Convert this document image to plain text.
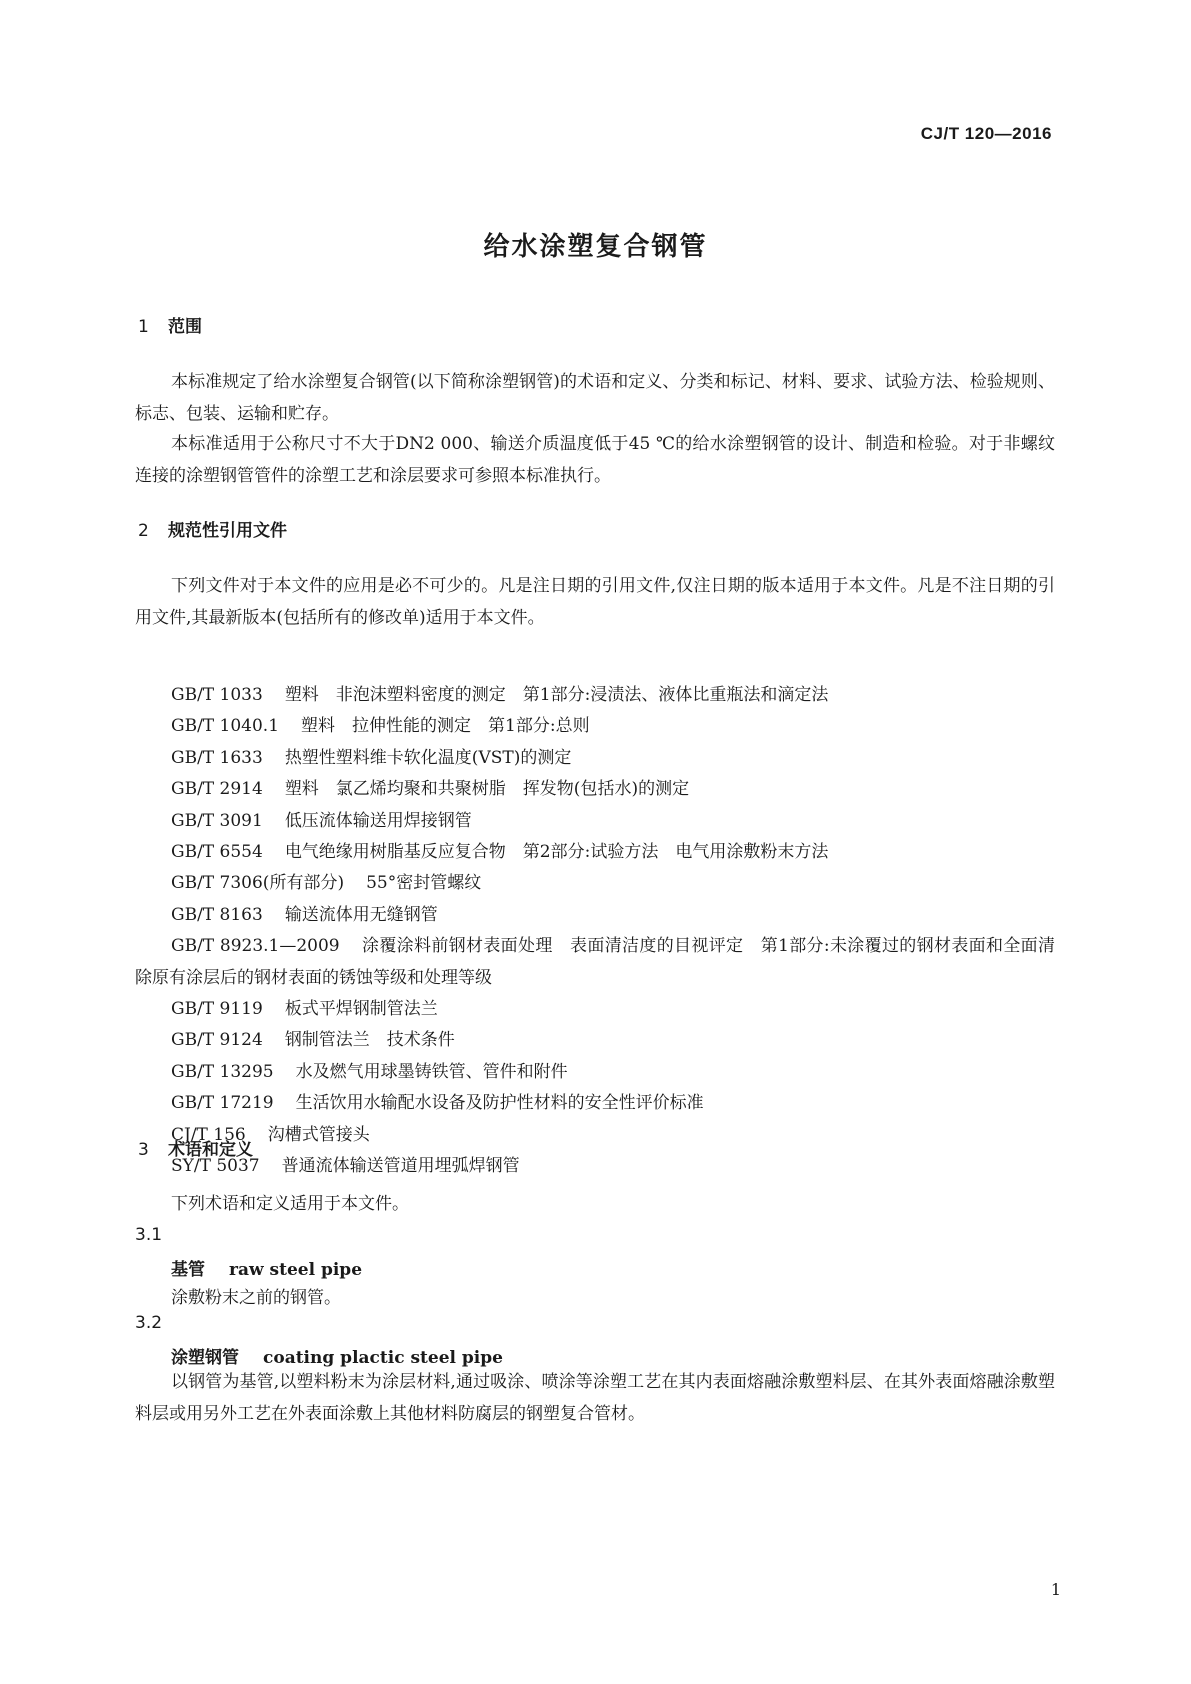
CJ/T 120—2016
给水涂塑复合钢管
1 范围
本标准规定了给水涂塑复合钢管(以下简称涂塑钢管)的术语和定义、分类和标记、材料、要求、试验方法、检验规则、标志、包装、运输和贮存。
本标准适用于公称尺寸不大于DN2 000、输送介质温度低于45 ℃的给水涂塑钢管的设计、制造和检验。对于非螺纹连接的涂塑钢管管件的涂塑工艺和涂层要求可参照本标准执行。
2 规范性引用文件
下列文件对于本文件的应用是必不可少的。凡是注日期的引用文件,仅注日期的版本适用于本文件。凡是不注日期的引用文件,其最新版本(包括所有的修改单)适用于本文件。
GB/T 1033 塑料　非泡沫塑料密度的测定　第1部分:浸渍法、液体比重瓶法和滴定法
GB/T 1040.1 塑料　拉伸性能的测定　第1部分:总则
GB/T 1633 热塑性塑料维卡软化温度(VST)的测定
GB/T 2914 塑料　氯乙烯均聚和共聚树脂　挥发物(包括水)的测定
GB/T 3091 低压流体输送用焊接钢管
GB/T 6554 电气绝缘用树脂基反应复合物　第2部分:试验方法　电气用涂敷粉末方法
GB/T 7306(所有部分) 55°密封管螺纹
GB/T 8163 输送流体用无缝钢管
GB/T 8923.1—2009 涂覆涂料前钢材表面处理　表面清洁度的目视评定　第1部分:未涂覆过的钢材表面和全面清除原有涂层后的钢材表面的锈蚀等级和处理等级
GB/T 9119 板式平焊钢制管法兰
GB/T 9124 钢制管法兰　技术条件
GB/T 13295 水及燃气用球墨铸铁管、管件和附件
GB/T 17219 生活饮用水输配水设备及防护性材料的安全性评价标准
CJ/T 156 沟槽式管接头
SY/T 5037 普通流体输送管道用埋弧焊钢管
3 术语和定义
下列术语和定义适用于本文件。
3.1
基管 raw steel pipe
涂敷粉末之前的钢管。
3.2
涂塑钢管 coating plactic steel pipe
以钢管为基管,以塑料粉末为涂层材料,通过吸涂、喷涂等涂塑工艺在其内表面熔融涂敷塑料层、在其外表面熔融涂敷塑料层或用另外工艺在外表面涂敷上其他材料防腐层的钢塑复合管材。
1
